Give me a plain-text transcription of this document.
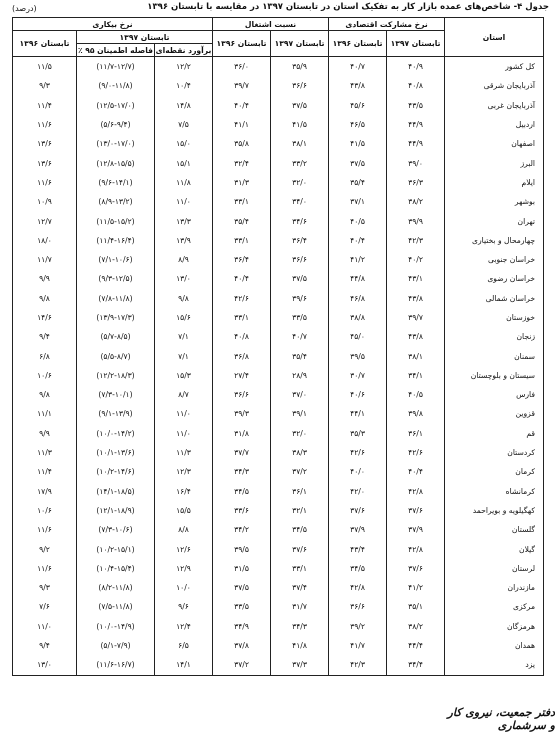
جدول ۴- شاخص‌های عمده بازار کار به تفکیک استان در تابستان ۱۳۹۷ در مقایسه با تابستان ۱۳۹۶
(درصد)
استان	نرخ مشارکت اقتصادی		نسبت اشتغال		نرخ بیکاری		
	تابستان ۱۳۹۷	تابستان ۱۳۹۶	تابستان ۱۳۹۷	تابستان ۱۳۹۶	تابستان ۱۳۹۷		تابستان ۱۳۹۶
					برآورد نقطه‌ای	فاصله اطمینان ۹۵ ٪	
کل کشور	۴۰/۹	۴۰/۷	۳۵/۹	۳۶/۰	۱۲/۲	(۱۱/۷-۱۲/۷)	۱۱/۵
آذربایجان شرقی	۴۰/۸	۴۳/۸	۳۶/۶	۳۹/۷	۱۰/۴	(۹/۰-۱۱/۸)	۹/۳
آذربایجان غربی	۴۳/۵	۴۵/۶	۳۷/۵	۴۰/۴	۱۴/۸	(۱۲/۵-۱۷/۰)	۱۱/۴
اردبیل	۴۴/۹	۴۶/۵	۴۱/۵	۴۱/۱	۷/۵	(۵/۶-۹/۴)	۱۱/۶
اصفهان	۴۴/۹	۴۱/۵	۳۸/۱	۳۵/۸	۱۵/۰	(۱۳/۰-۱۷/۰)	۱۳/۶
البرز	۳۹/۰	۳۷/۵	۳۳/۲	۳۲/۴	۱۵/۱	(۱۲/۸-۱۵/۵)	۱۳/۶
ایلام	۳۶/۳	۳۵/۴	۳۲/۰	۳۱/۳	۱۱/۸	(۹/۶-۱۴/۱)	۱۱/۶
بوشهر	۳۸/۲	۳۷/۱	۳۴/۰	۳۳/۱	۱۱/۰	(۸/۹-۱۳/۲)	۱۰/۹
تهران	۳۹/۹	۴۰/۵	۳۴/۶	۳۵/۴	۱۳/۳	(۱۱/۵-۱۵/۲)	۱۲/۷
چهارمحال و بختیاری	۴۲/۳	۴۰/۴	۳۶/۴	۳۳/۱	۱۳/۹	(۱۱/۴-۱۶/۴)	۱۸/۰
خراسان جنوبی	۴۰/۲	۴۱/۲	۳۶/۶	۳۶/۴	۸/۹	(۷/۱-۱۰/۶)	۱۱/۷
خراسان رضوی	۴۳/۱	۴۴/۸	۳۷/۵	۴۰/۴	۱۳/۰	(۹/۳-۱۲/۵)	۹/۹
خراسان شمالی	۴۳/۸	۴۶/۸	۳۹/۶	۴۲/۶	۹/۸	(۷/۸-۱۱/۸)	۹/۸
خوزستان	۳۹/۷	۳۸/۸	۳۳/۵	۳۳/۱	۱۵/۶	(۱۳/۹-۱۷/۳)	۱۴/۶
زنجان	۴۳/۸	۴۵/۰	۴۰/۷	۴۰/۸	۷/۱	(۵/۷-۸/۵)	۹/۴
سمنان	۳۸/۱	۳۹/۵	۳۵/۴	۳۶/۸	۷/۱	(۵/۵-۸/۷)	۶/۸
سیستان و بلوچستان	۳۴/۱	۳۰/۷	۲۸/۹	۲۷/۴	۱۵/۳	(۱۲/۲-۱۸/۳)	۱۰/۶
فارس	۴۰/۵	۴۰/۶	۳۷/۰	۳۶/۶	۸/۷	(۷/۳-۱۰/۱)	۹/۸
قزوین	۳۹/۸	۴۴/۱	۳۹/۱	۳۹/۳	۱۱/۰	(۹/۱-۱۳/۹)	۱۱/۱
قم	۳۶/۱	۳۵/۳	۳۲/۰	۳۱/۸	۱۱/۰	(۱۰/۰-۱۴/۲)	۹/۹
کردستان	۴۲/۶	۴۲/۶	۳۸/۳	۳۷/۷	۱۱/۳	(۱۰/۱-۱۳/۶)	۱۱/۳
کرمان	۴۰/۴	۴۰/۰	۳۷/۲	۳۴/۳	۱۲/۳	(۱۰/۲-۱۴/۶)	۱۱/۴
کرمانشاه	۴۲/۸	۴۲/۰	۳۶/۱	۳۴/۵	۱۶/۴	(۱۴/۱-۱۸/۵)	۱۷/۹
کهگیلویه و بویراحمد	۳۷/۶	۳۷/۶	۳۲/۱	۳۳/۶	۱۵/۵	(۱۲/۱-۱۸/۹)	۱۰/۶
گلستان	۳۷/۹	۳۷/۹	۳۴/۵	۳۴/۲	۸/۸	(۷/۳-۱۰/۶)	۱۱/۶
گیلان	۴۲/۸	۴۳/۴	۳۷/۶	۳۹/۵	۱۲/۶	(۱۰/۲-۱۵/۱)	۹/۲
لرستان	۳۷/۶	۳۴/۵	۳۳/۱	۳۱/۵	۱۲/۹	(۱۰/۴-۱۵/۴)	۱۱/۶
مازندران	۴۱/۲	۴۲/۸	۳۷/۴	۳۷/۵	۱۰/۰	(۸/۲-۱۱/۸)	۹/۳
مرکزی	۳۵/۱	۳۶/۶	۳۱/۷	۳۳/۵	۹/۶	(۷/۵-۱۱/۸)	۷/۶
هرمزگان	۳۸/۲	۳۹/۲	۳۴/۳	۳۴/۹	۱۲/۴	(۱۰/۰-۱۴/۹)	۱۱/۰
همدان	۴۴/۴	۴۱/۷	۴۱/۸	۳۷/۸	۶/۵	(۵/۱-۷/۹)	۹/۴
یزد	۳۴/۴	۴۲/۳	۳۷/۳	۳۷/۲	۱۴/۱	(۱۱/۶-۱۶/۷)	۱۳/۰
دفتر جمعیت، نیروی کار و سرشماری
